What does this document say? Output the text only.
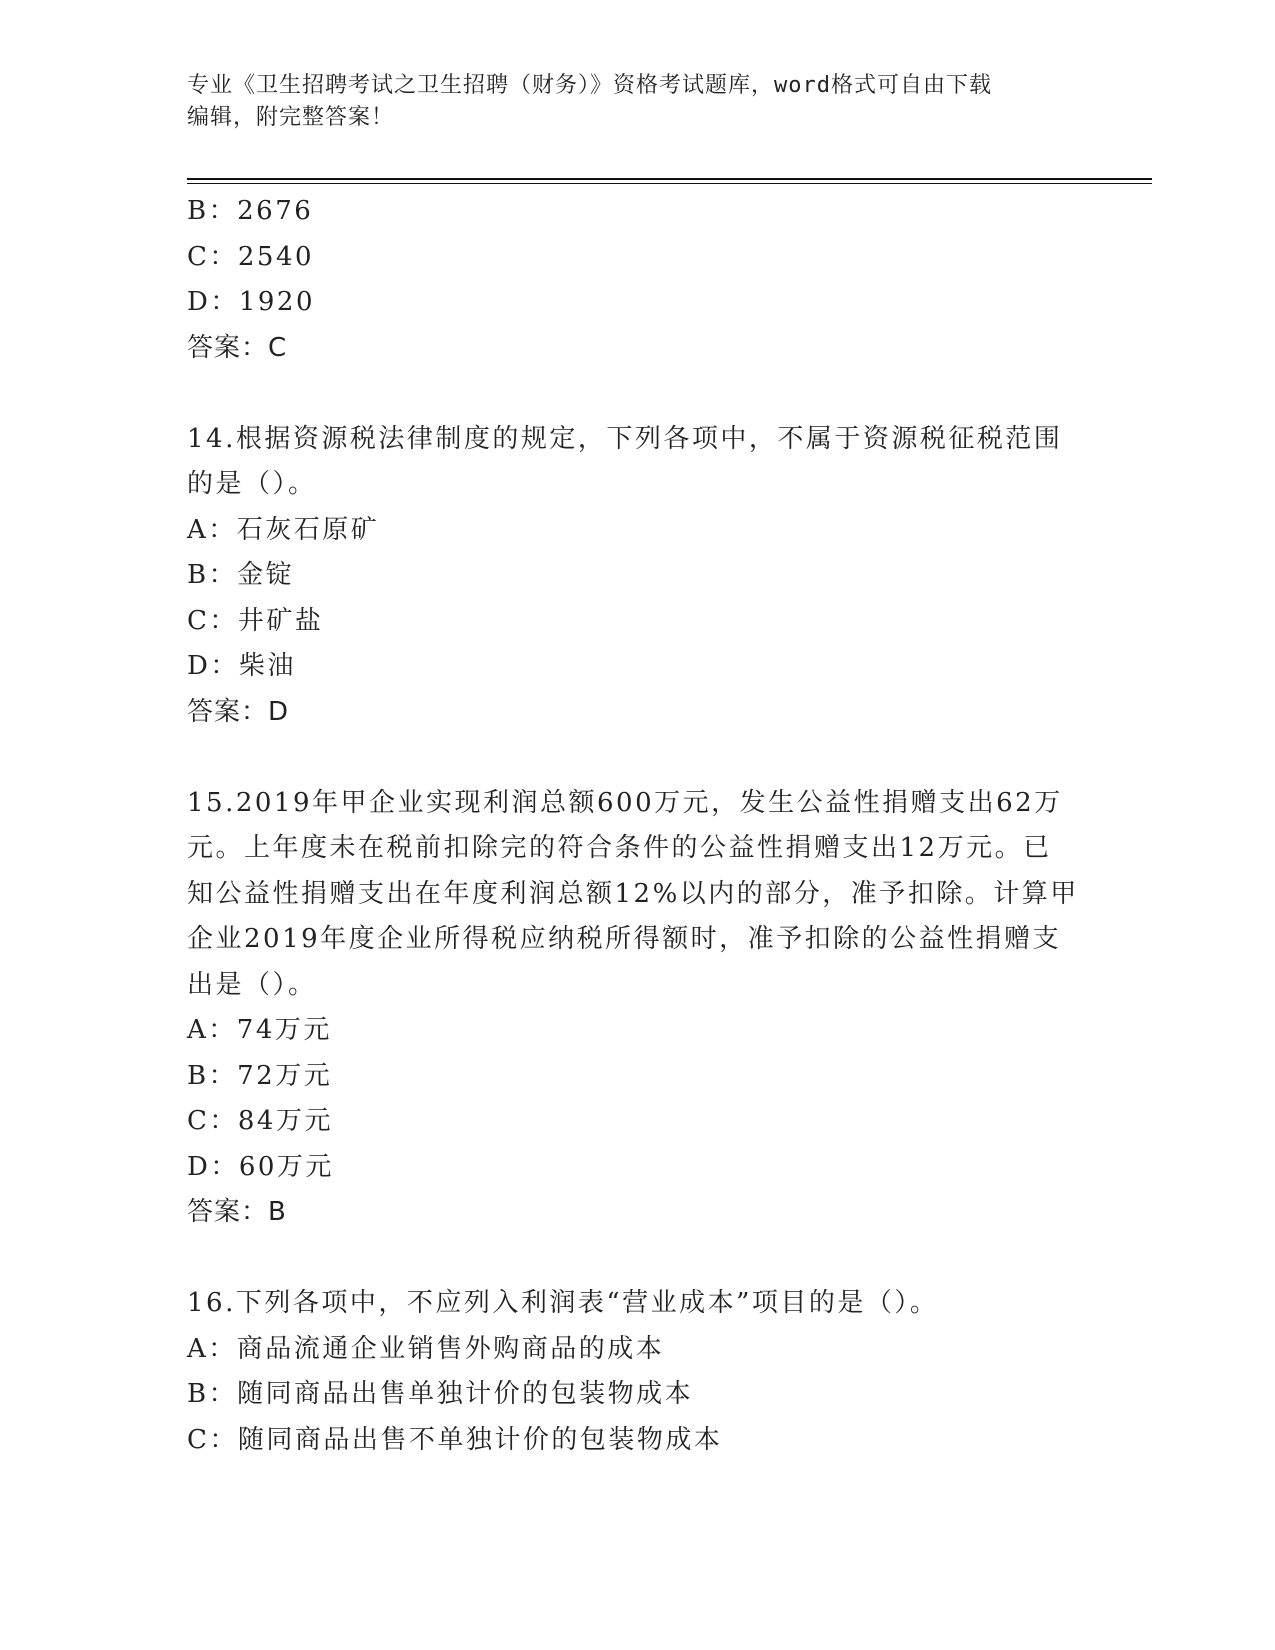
专业《卫生招聘考试之卫生招聘（财务）》资格考试题库，word格式可自由下载
编辑，附完整答案！
B：2676
C：2540
D：1920
答案：C
14.根据资源税法律制度的规定，下列各项中，不属于资源税征税范围
的是（）。
A：石灰石原矿
B：金锭
C：井矿盐
D：柴油
答案：D
15.2019年甲企业实现利润总额600万元，发生公益性捐赠支出62万
元。上年度未在税前扣除完的符合条件的公益性捐赠支出12万元。已
知公益性捐赠支出在年度利润总额12%以内的部分，准予扣除。计算甲
企业2019年度企业所得税应纳税所得额时，准予扣除的公益性捐赠支
出是（）。
A：74万元
B：72万元
C：84万元
D：60万元
答案：B
16.下列各项中，不应列入利润表“营业成本”项目的是（）。
A：商品流通企业销售外购商品的成本
B：随同商品出售单独计价的包装物成本
C：随同商品出售不单独计价的包装物成本
